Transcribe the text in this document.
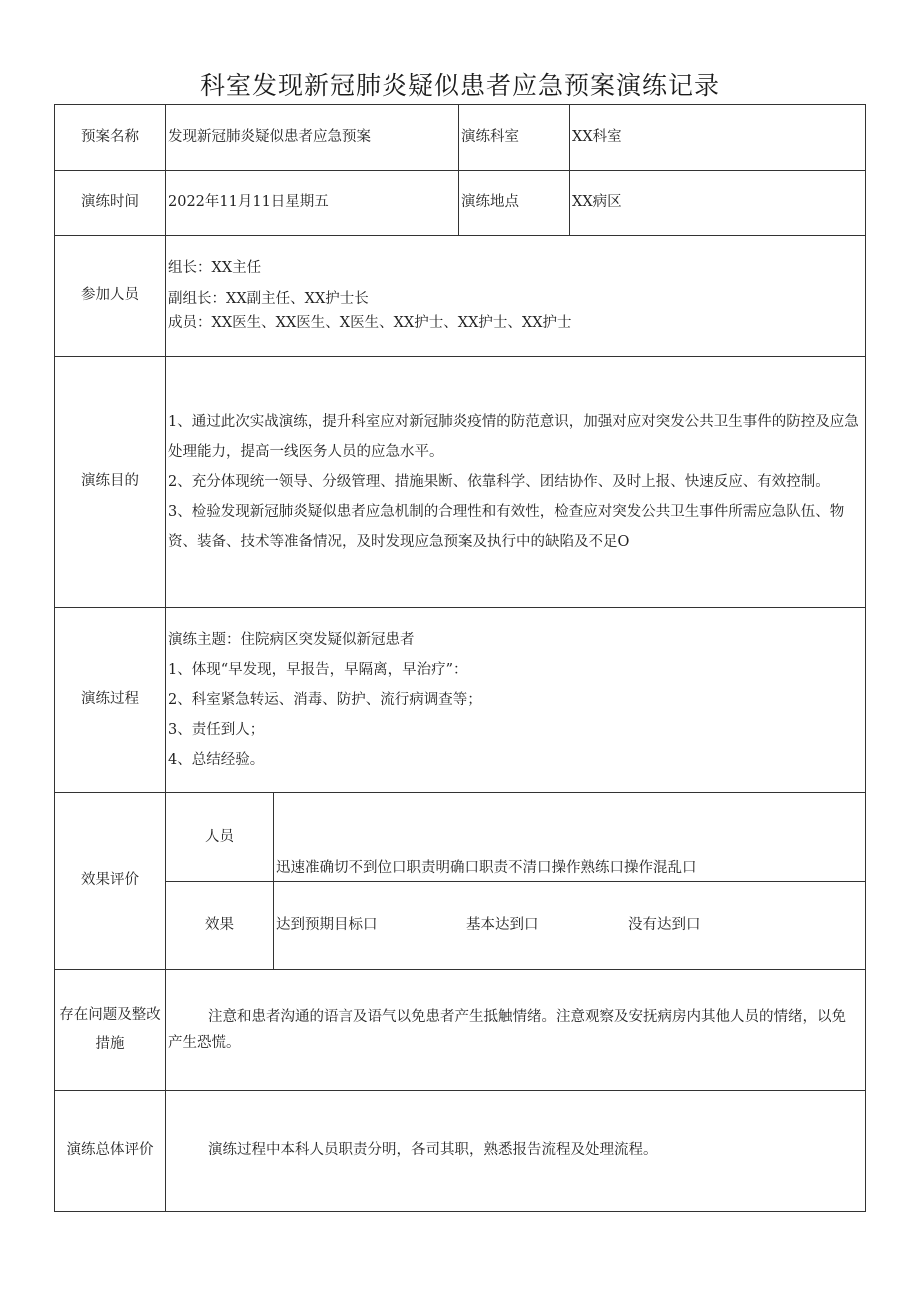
科室发现新冠肺炎疑似患者应急预案演练记录
预案名称	发现新冠肺炎疑似患者应急预案		演练科室	XX科室
演练时间	2022年11月11日星期五		演练地点	XX病区
参加人员	组长：XX主任
副组长：XX副主任、XX护士长
成员：XX医生、XX医生、X医生、XX护士、XX护士、XX护士			

演练目的	1、通过此次实战演练，提升科室应对新冠肺炎疫情的防范意识，加强对应对突发公共卫生事件的防控及应急处理能力，提高一线医务人员的应急水平。
2、充分体现统一领导、分级管理、措施果断、依靠科学、团结协作、及时上报、快速反应、有效控制。
3、检验发现新冠肺炎疑似患者应急机制的合理性和有效性，检查应对突发公共卫生事件所需应急队伍、物资、装备、技术等准备情况，及时发现应急预案及执行中的缺陷及不足O			

演练过程	演练主题：住院病区突发疑似新冠患者
1、体现“早发现，早报告，早隔离，早治疗”：
2、科室紧急转运、消毒、防护、流行病调查等；
3、责任到人；
4、总结经验。			

效果评价	人员	迅速准确切不到位口职责明确口职责不清口操作熟练口操作混乱口		
	效果	达到预期目标口 基本达到口 没有达到口		

存在问题及整改
措施	注意和患者沟通的语言及语气以免患者产生抵触情绪。注意观察及安抚病房内其他人员的情绪，以免产生恐慌。			
演练总体评价	演练过程中本科人员职责分明，各司其职，熟悉报告流程及处理流程。			
